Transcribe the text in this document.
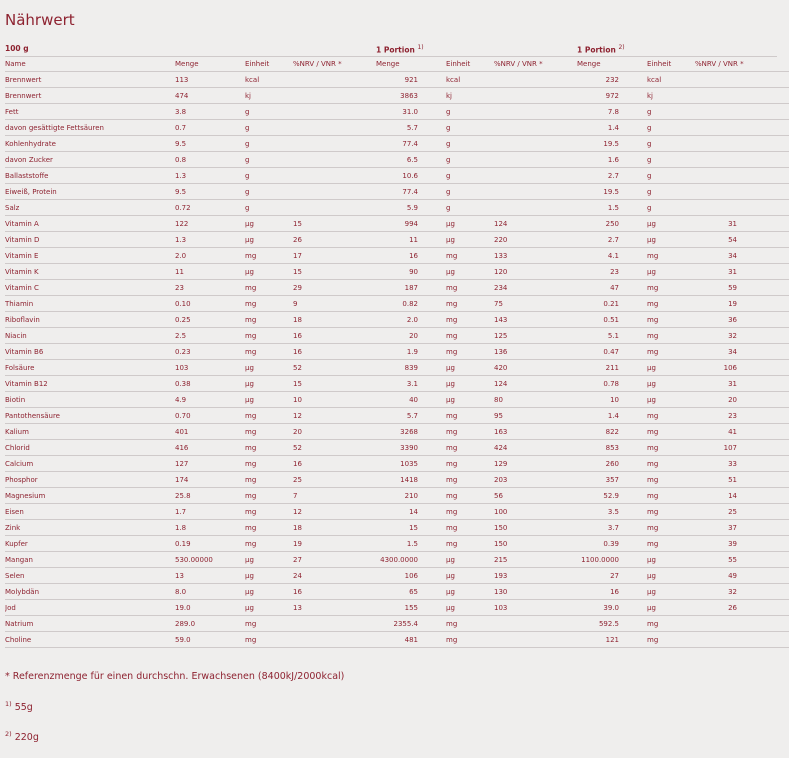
Nährwert
100 g	1 Portion $^{1)}$	1 Portion $^{2)}$
Name	Menge	Einheit	%NRV / VNR *	Menge	Einheit	%NRV / VNR *	Menge	Einheit	%NRV / VNR *	
Brennwert	113	kcal		921	kcal		232	kcal		
Brennwert	474	kj		3863	kj		972	kj		
Fett	3.8	g		31.0	g		7.8	g		
davon gesättigte Fettsäuren	0.7	g		5.7	g		1.4	g		
Kohlenhydrate	9.5	g		77.4	g		19.5	g		
davon Zucker	0.8	g		6.5	g		1.6	g		
Ballaststoffe	1.3	g		10.6	g		2.7	g		
Eiweiß, Protein	9.5	g		77.4	g		19.5	g		
Salz	0.72	g		5.9	g		1.5	g		
Vitamin A	122	µg	15	994	µg	124	250	µg	31	
Vitamin D	1.3	µg	26	11	µg	220	2.7	µg	54	
Vitamin E	2.0	mg	17	16	mg	133	4.1	mg	34	
Vitamin K	11	µg	15	90	µg	120	23	µg	31	
Vitamin C	23	mg	29	187	mg	234	47	mg	59	
Thiamin	0.10	mg	9	0.82	mg	75	0.21	mg	19	
Riboflavin	0.25	mg	18	2.0	mg	143	0.51	mg	36	
Niacin	2.5	mg	16	20	mg	125	5.1	mg	32	
Vitamin B6	0.23	mg	16	1.9	mg	136	0.47	mg	34	
Folsäure	103	µg	52	839	µg	420	211	µg	106	
Vitamin B12	0.38	µg	15	3.1	µg	124	0.78	µg	31	
Biotin	4.9	µg	10	40	µg	80	10	µg	20	
Pantothensäure	0.70	mg	12	5.7	mg	95	1.4	mg	23	
Kalium	401	mg	20	3268	mg	163	822	mg	41	
Chlorid	416	mg	52	3390	mg	424	853	mg	107	
Calcium	127	mg	16	1035	mg	129	260	mg	33	
Phosphor	174	mg	25	1418	mg	203	357	mg	51	
Magnesium	25.8	mg	7	210	mg	56	52.9	mg	14	
Eisen	1.7	mg	12	14	mg	100	3.5	mg	25	
Zink	1.8	mg	18	15	mg	150	3.7	mg	37	
Kupfer	0.19	mg	19	1.5	mg	150	0.39	mg	39	
Mangan	530.00000	µg	27	4300.0000	µg	215	1100.0000	µg	55	
Selen	13	µg	24	106	µg	193	27	µg	49	
Molybdän	8.0	µg	16	65	µg	130	16	µg	32	
Jod	19.0	µg	13	155	µg	103	39.0	µg	26	
Natrium	289.0	mg		2355.4	mg		592.5	mg		
Choline	59.0	mg		481	mg		121	mg		
* Referenzmenge für einen durchschn. Erwachsenen (8400kJ/2000kcal)
$^{1)}$ 55g
$^{2)}$ 220g
